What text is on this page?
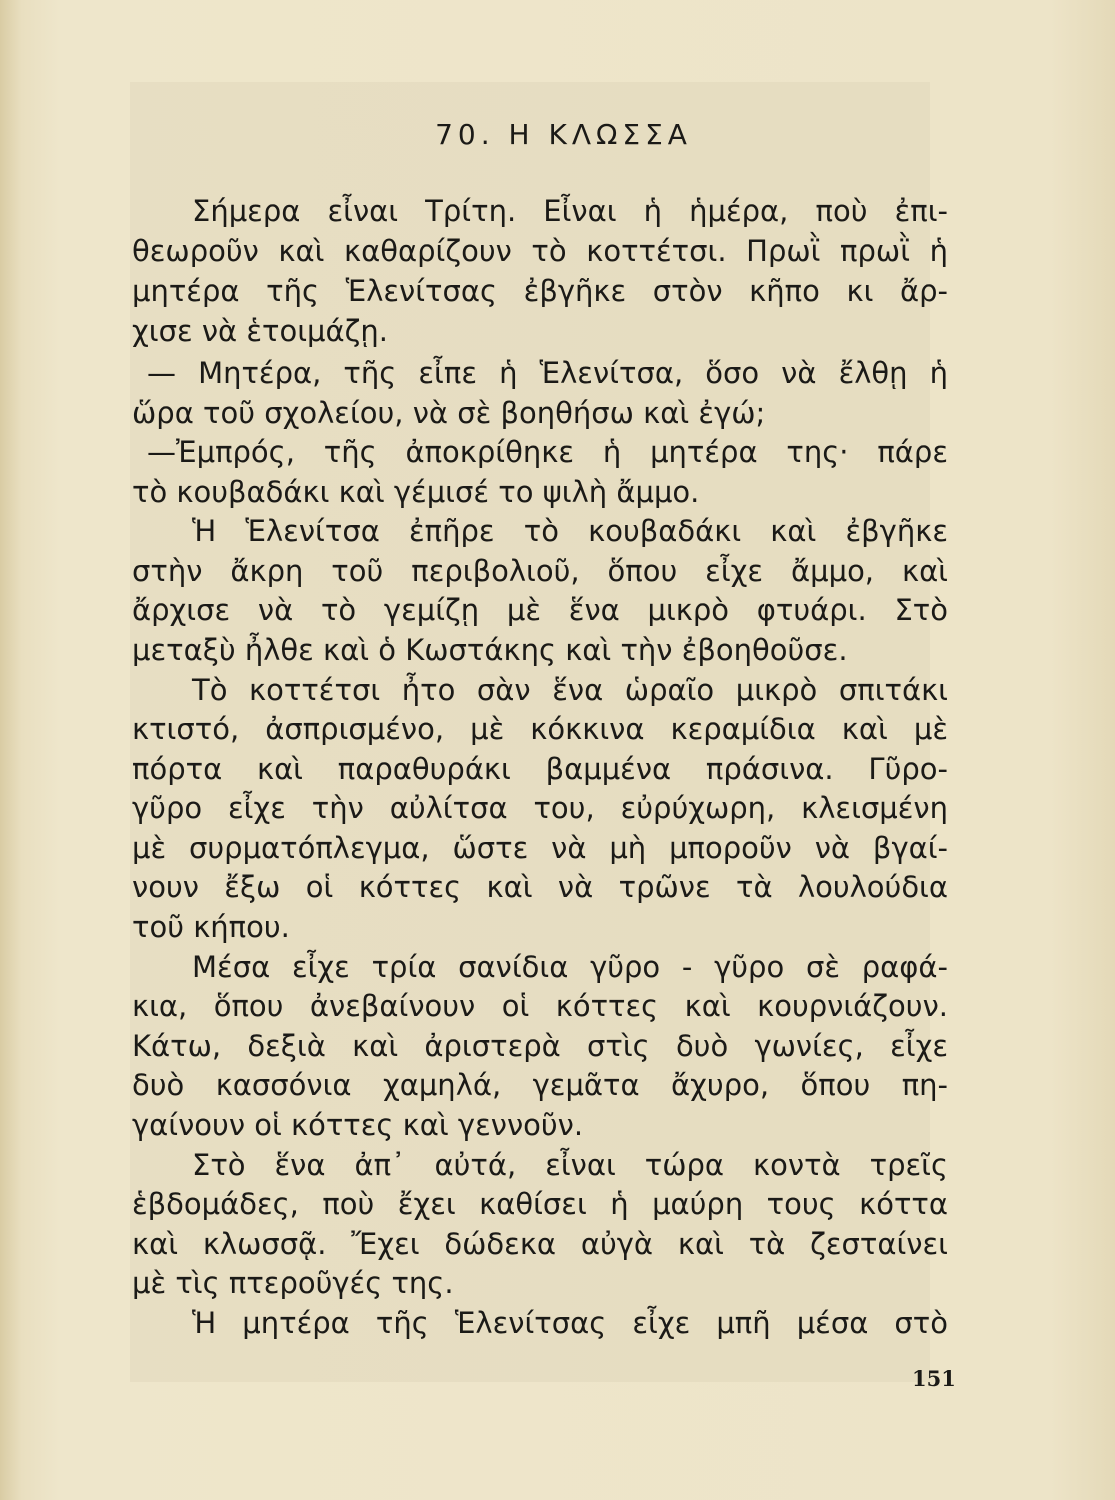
70. Η ΚΛΩΣΣΑ
Σήμερα εἶναι Τρίτη. Εἶναι ἡ ἡμέρα, ποὺ ἐπι-
θεωροῦν καὶ καθαρίζουν τὸ κοττέτσι. Πρωῒ πρωῒ ἡ
μητέρα τῆς Ἑλενίτσας ἐβγῆκε στὸν κῆπο κι ἄρ-
χισε νὰ ἑτοιμάζῃ.
— Μητέρα, τῆς εἶπε ἡ Ἑλενίτσα, ὅσο νὰ ἔλθῃ ἡ
ὥρα τοῦ σχολείου, νὰ σὲ βοηθήσω καὶ ἐγώ;
—Ἐμπρός, τῆς ἀποκρίθηκε ἡ μητέρα της· πάρε
τὸ κουβαδάκι καὶ γέμισέ το ψιλὴ ἄμμο.
Ἡ Ἑλενίτσα ἐπῆρε τὸ κουβαδάκι καὶ ἐβγῆκε
στὴν ἄκρη τοῦ περιβολιοῦ, ὅπου εἶχε ἄμμο, καὶ
ἄρχισε νὰ τὸ γεμίζῃ μὲ ἕνα μικρὸ φτυάρι. Στὸ
μεταξὺ ἦλθε καὶ ὁ Κωστάκης καὶ τὴν ἐβοηθοῦσε.
Τὸ κοττέτσι ἦτο σὰν ἕνα ὡραῖο μικρὸ σπιτάκι
κτιστό, ἀσπρισμένο, μὲ κόκκινα κεραμίδια καὶ μὲ
πόρτα καὶ παραθυράκι βαμμένα πράσινα. Γῦρο-
γῦρο εἶχε τὴν αὐλίτσα του, εὐρύχωρη, κλεισμένη
μὲ συρματόπλεγμα, ὥστε νὰ μὴ μποροῦν νὰ βγαί-
νουν ἔξω οἱ κόττες καὶ νὰ τρῶνε τὰ λουλούδια
τοῦ κήπου.
Μέσα εἶχε τρία σανίδια γῦρο - γῦρο σὲ ραφά-
κια, ὅπου ἀνεβαίνουν οἱ κόττες καὶ κουρνιάζουν.
Κάτω, δεξιὰ καὶ ἀριστερὰ στὶς δυὸ γωνίες, εἶχε
δυὸ κασσόνια χαμηλά, γεμᾶτα ἄχυρο, ὅπου πη-
γαίνουν οἱ κόττες καὶ γεννοῦν.
Στὸ ἕνα ἀπ᾽ αὐτά, εἶναι τώρα κοντὰ τρεῖς
ἑβδομάδες, ποὺ ἔχει καθίσει ἡ μαύρη τους κόττα
καὶ κλωσσᾷ. Ἔχει δώδεκα αὐγὰ καὶ τὰ ζεσταίνει
μὲ τὶς πτεροῦγές της.
Ἡ μητέρα τῆς Ἑλενίτσας εἶχε μπῆ μέσα στὸ
151
